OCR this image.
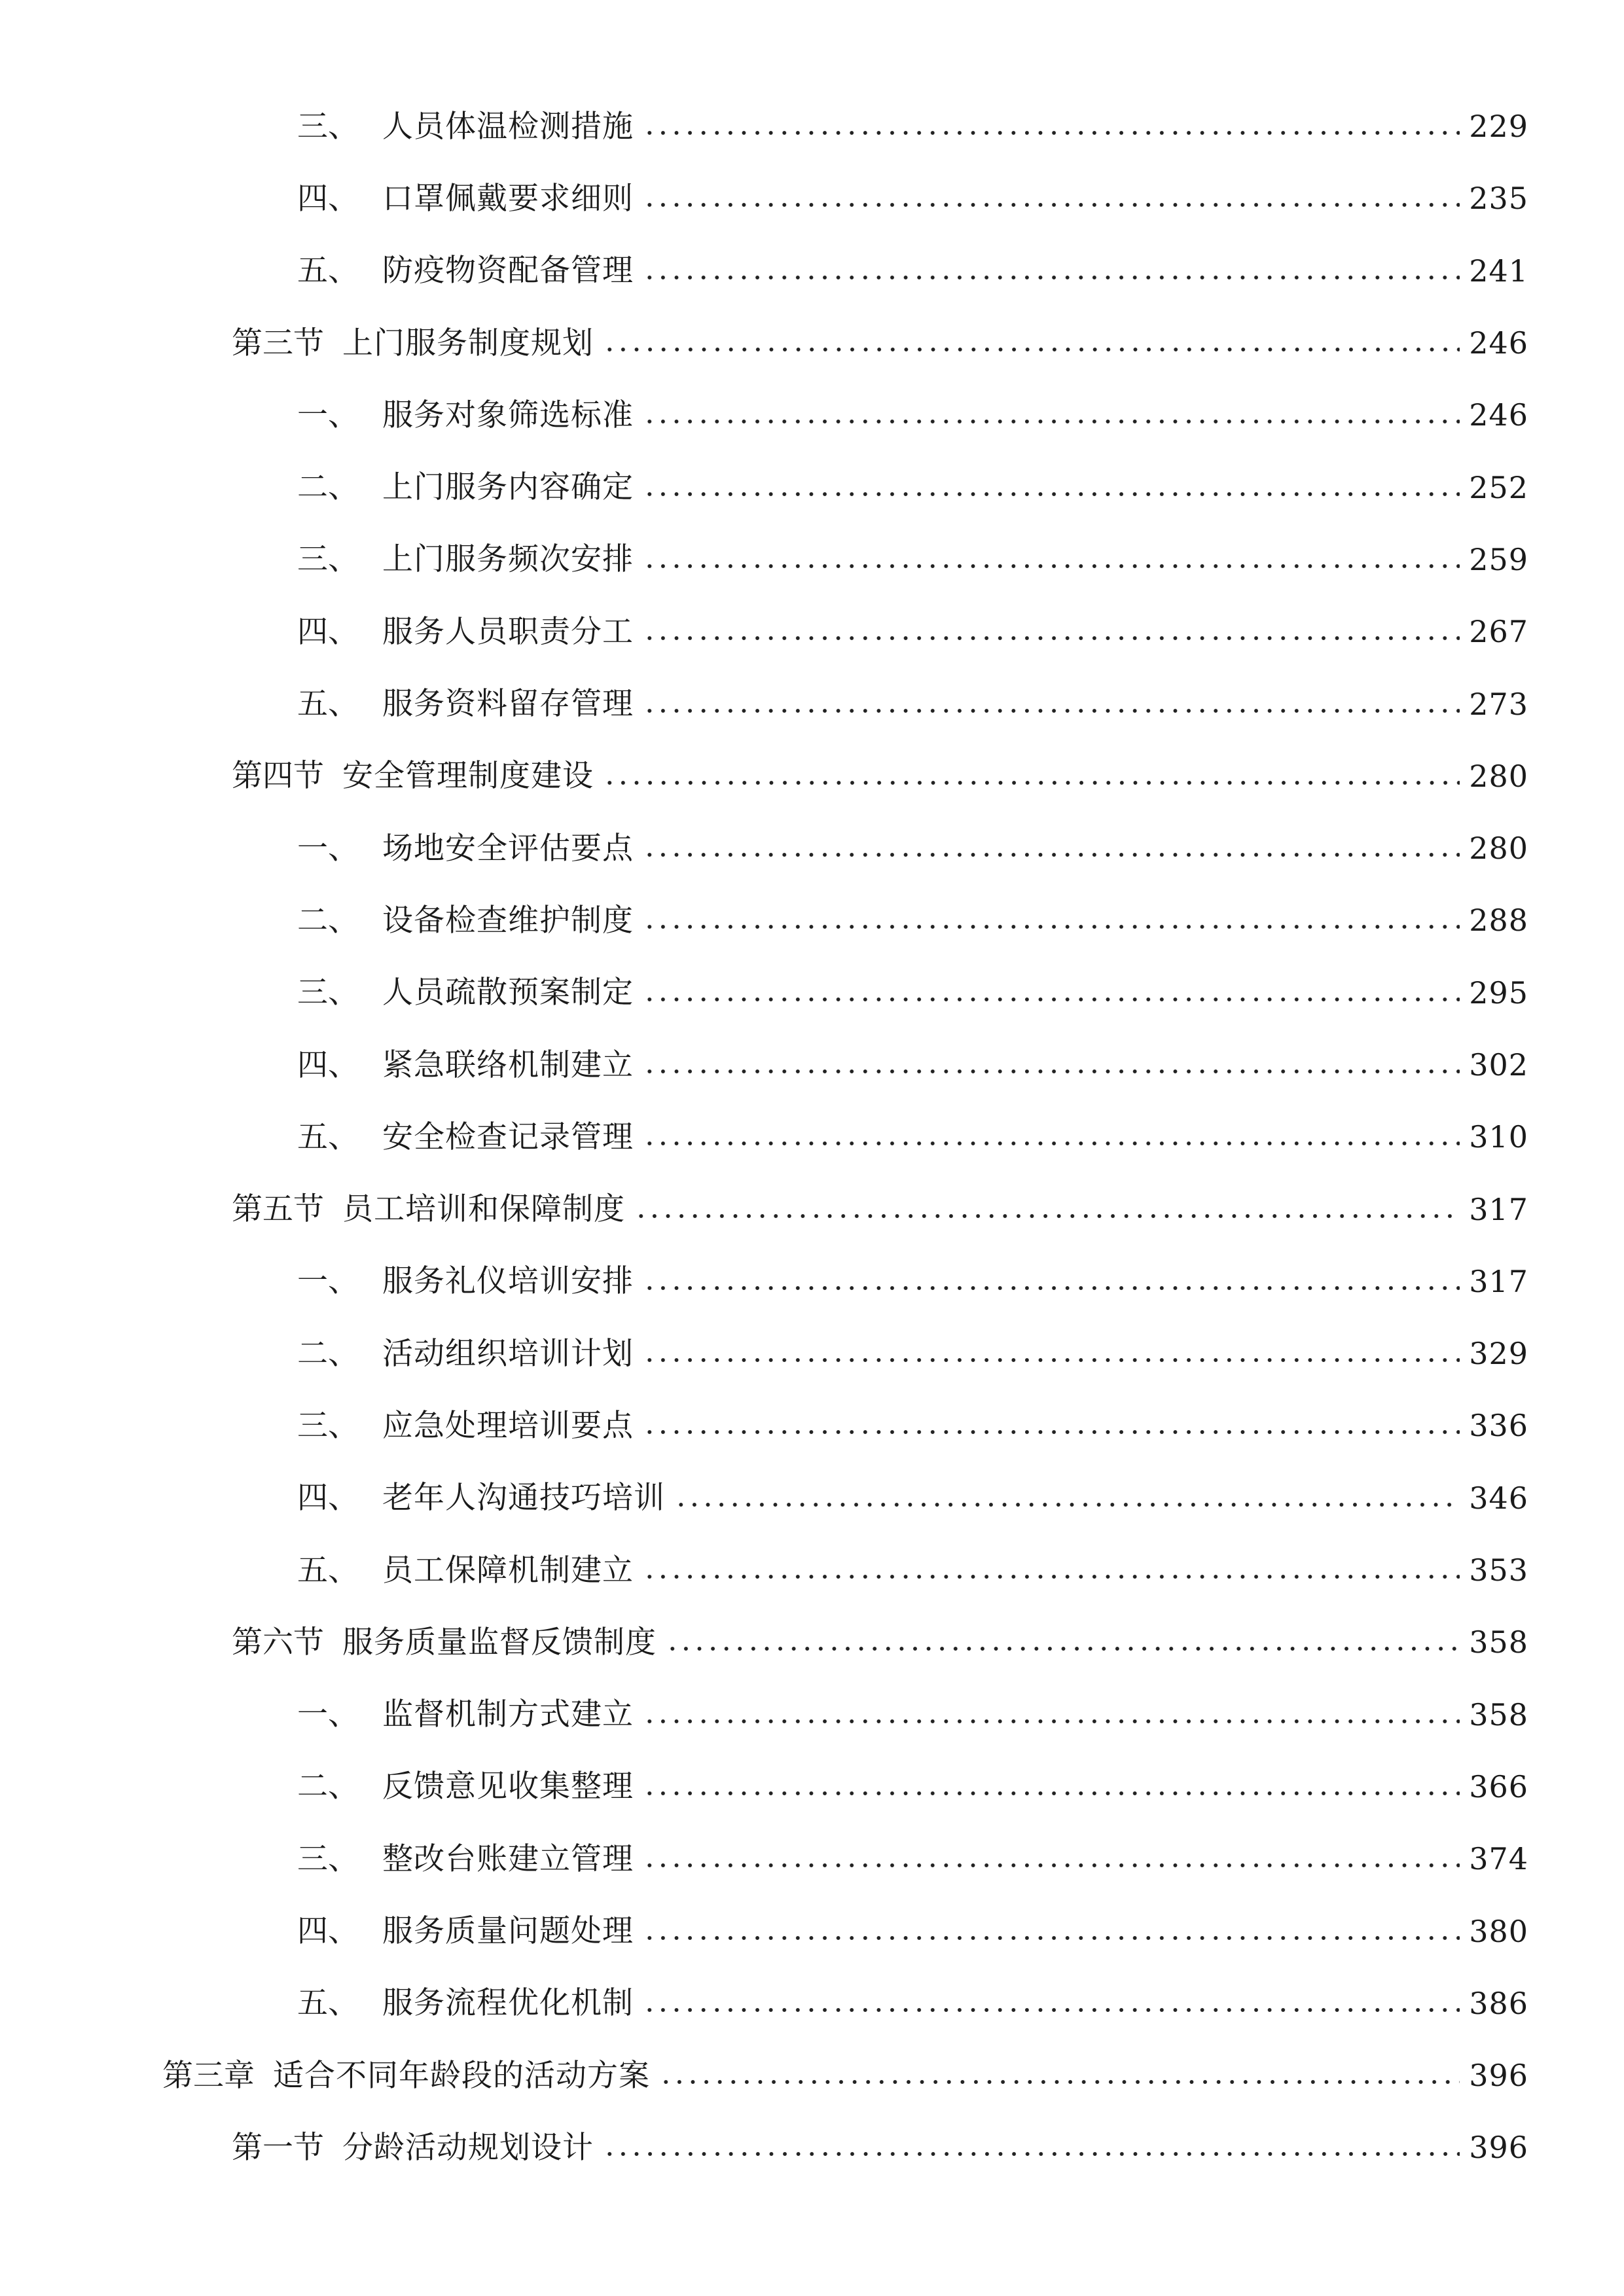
三、 人员体温检测措施	229
四、 口罩佩戴要求细则	235
五、 防疫物资配备管理	241
第三节 上门服务制度规划	246
一、 服务对象筛选标准	246
二、 上门服务内容确定	252
三、 上门服务频次安排	259
四、 服务人员职责分工	267
五、 服务资料留存管理	273
第四节 安全管理制度建设	280
一、 场地安全评估要点	280
二、 设备检查维护制度	288
三、 人员疏散预案制定	295
四、 紧急联络机制建立	302
五、 安全检查记录管理	310
第五节 员工培训和保障制度	317
一、 服务礼仪培训安排	317
二、 活动组织培训计划	329
三、 应急处理培训要点	336
四、 老年人沟通技巧培训	346
五、 员工保障机制建立	353
第六节 服务质量监督反馈制度	358
一、 监督机制方式建立	358
二、 反馈意见收集整理	366
三、 整改台账建立管理	374
四、 服务质量问题处理	380
五、 服务流程优化机制	386
第三章 适合不同年龄段的活动方案	396
第一节 分龄活动规划设计	396
